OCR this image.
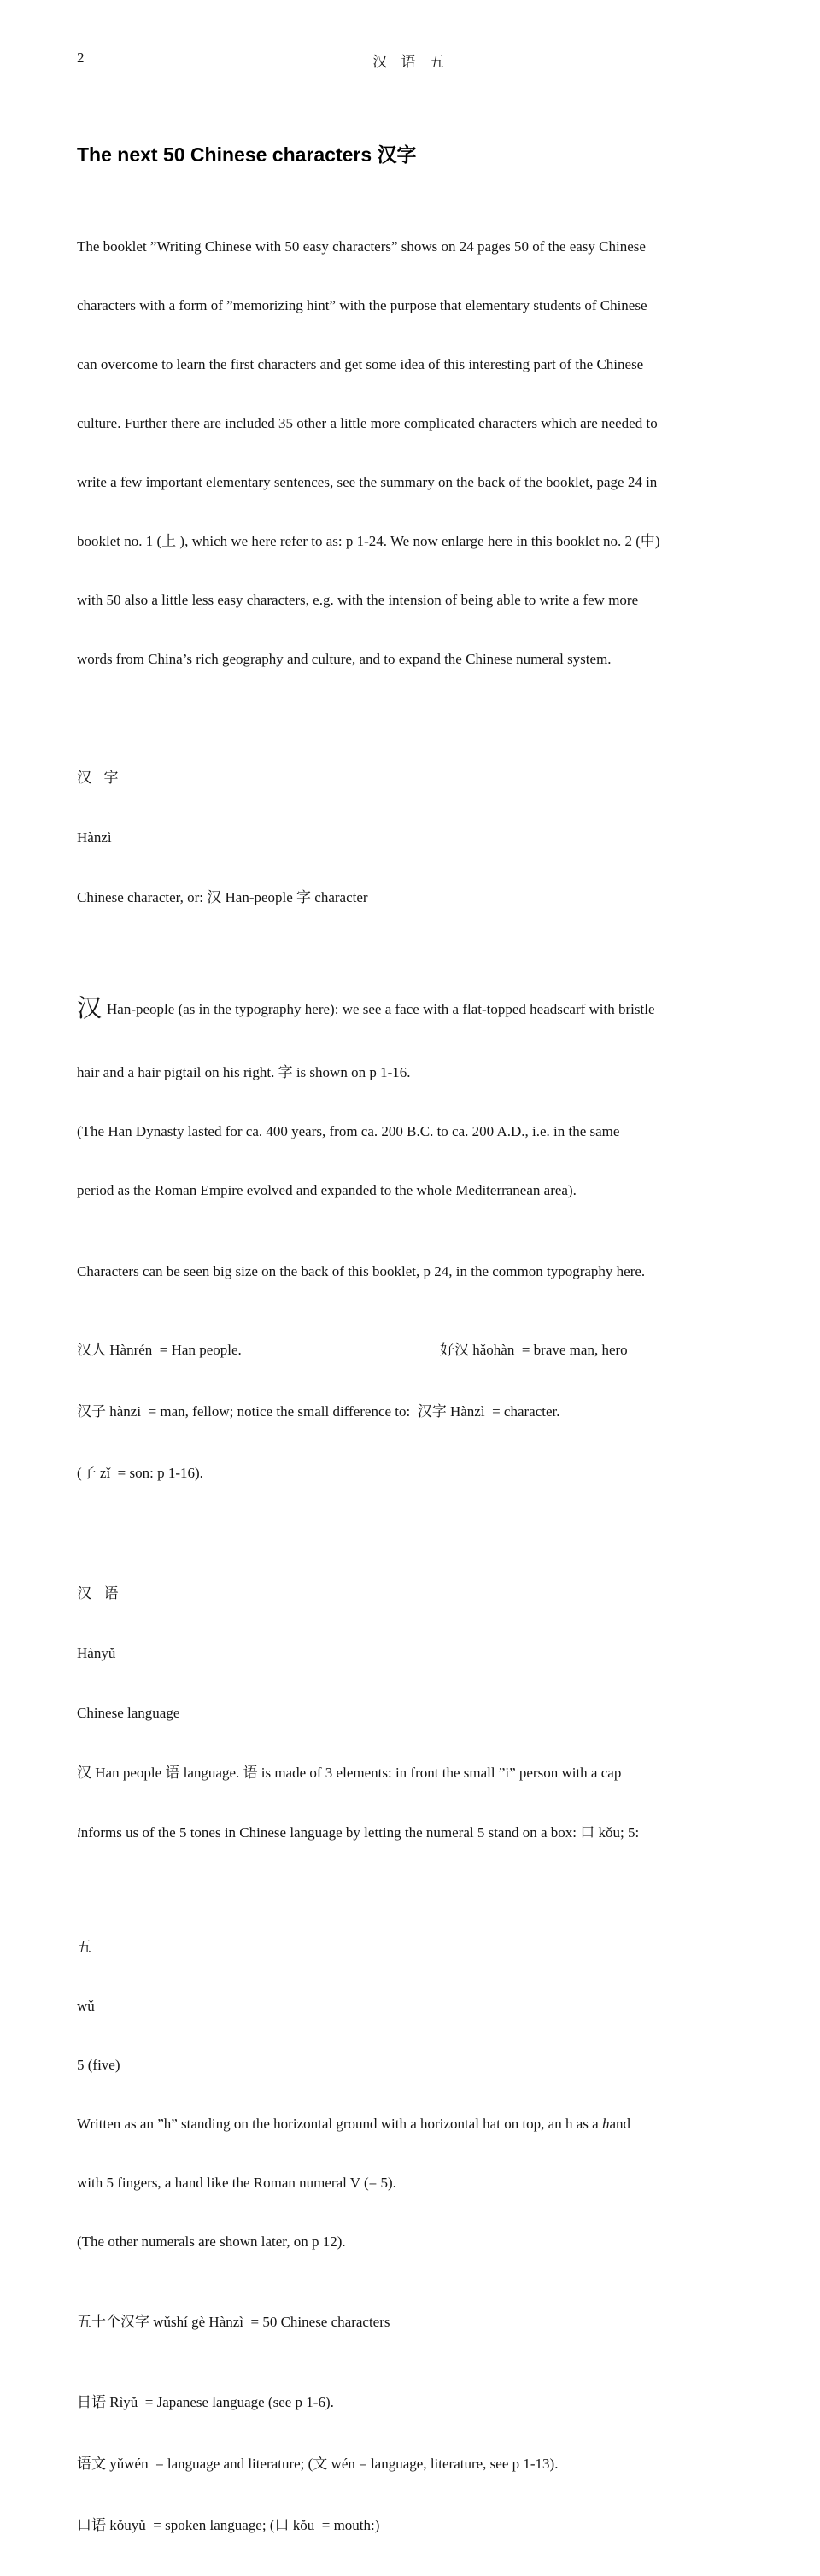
2	汉 语 五
The next 50 Chinese characters 汉字

The booklet ”Writing Chinese with 50 easy characters” shows on 24 pages 50 of the easy Chinese

characters with a form of ”memorizing hint” with the purpose that elementary students of Chinese

can overcome to learn the first characters and get some idea of this interesting part of the Chinese

culture. Further there are included 35 other a little more complicated characters which are needed to

write a few important elementary sentences, see the summary on the back of the booklet, page 24 in

booklet no. 1 (上 ), which we here refer to as: p 1-24. We now enlarge here in this booklet no. 2 (中)

with 50 also a little less easy characters, e.g. with the intension of being able to write a few more

words from China’s rich geography and culture, and to expand the Chinese numeral system.

汉  字

Hànzì

Chinese character, or: 汉 Han-people 字 character

汉 Han-people (as in the typography here): we see a face with a flat-topped headscarf with bristle

hair and a hair pigtail on his right. 字 is shown on p 1-16.

(The Han Dynasty lasted for ca. 400 years, from ca. 200 B.C. to ca. 200 A.D., i.e. in the same

period as the Roman Empire evolved and expanded to the whole Mediterranean area).

Characters can be seen big size on the back of this booklet, p 24, in the common typography here.

汉人 Hànrén  = Han people.	好汉 hǎohàn  = brave man, hero

汉子 hànzi  = man, fellow; notice the small difference to:  汉字 Hànzì  = character.

(子 zǐ  = son: p 1-16).

汉  语

Hànyǔ

Chinese language

汉 Han people 语 language. 语 is made of 3 elements: in front the small ”i” person with a cap

informs us of the 5 tones in Chinese language by letting the numeral 5 stand on a box: 口 kǒu; 5:

五

wǔ

5 (five)

Written as an ”h” standing on the horizontal ground with a horizontal hat on top, an h as a hand

with 5 fingers, a hand like the Roman numeral V (= 5).

(The other numerals are shown later, on p 12).

五十个汉字 wǔshí gè Hànzì  = 50 Chinese characters

日语 Rìyǔ  = Japanese language (see p 1-6).

语文 yǔwén  = language and literature; (文 wén = language, literature, see p 1-13).

口语 kǒuyǔ  = spoken language; (口 kǒu  = mouth:)
